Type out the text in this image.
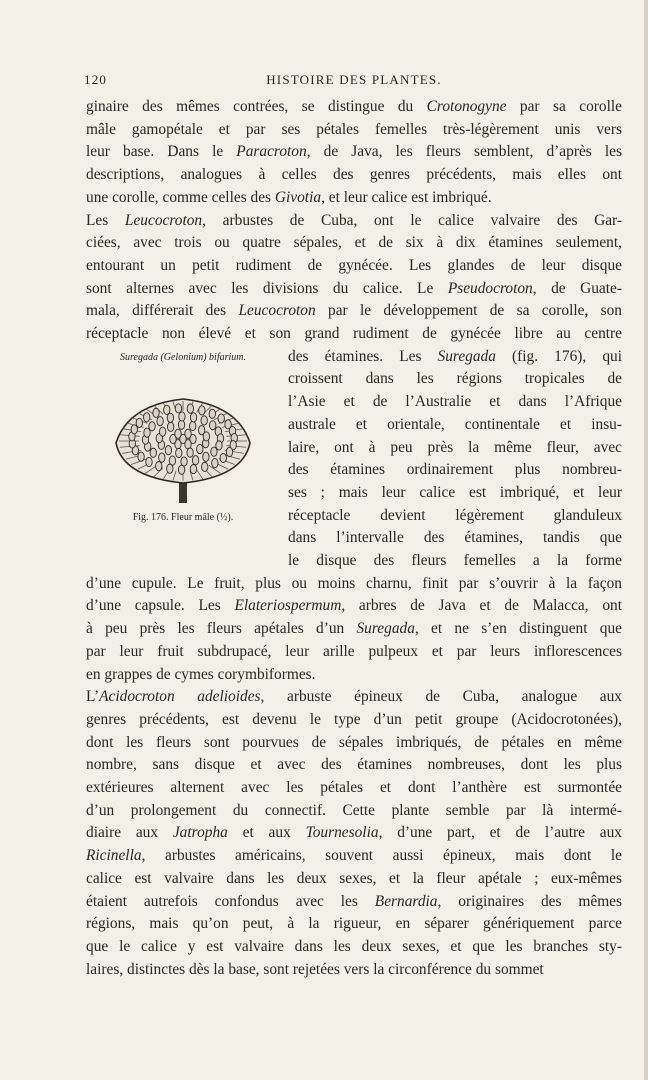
120	HISTOIRE DES PLANTES.
ginaire des mêmes contrées, se distingue du Crotonogyne par sa corolle
mâle gamopétale et par ses pétales femelles très-légèrement unis vers
leur base. Dans le Paracroton, de Java, les fleurs semblent, d’après les
descriptions, analogues à celles des genres précédents, mais elles ont
une corolle, comme celles des Givotia, et leur calice est imbriqué.
Les Leucocroton, arbustes de Cuba, ont le calice valvaire des Gar-
ciées, avec trois ou quatre sépales, et de six à dix étamines seulement,
entourant un petit rudiment de gynécée. Les glandes de leur disque
sont alternes avec les divisions du calice. Le Pseudocroton, de Guate-
mala, différerait des Leucocroton par le développement de sa corolle, son
réceptacle non élevé et son grand rudiment de gynécée libre au centre
des étamines. Les Suregada (fig. 176), qui
croissent dans les régions tropicales de
l’Asie et de l’Australie et dans l’Afrique
australe et orientale, continentale et insu-
laire, ont à peu près la même fleur, avec
des étamines ordinairement plus nombreu-
ses ; mais leur calice est imbriqué, et leur
réceptacle devient légèrement glanduleux
dans l’intervalle des étamines, tandis que
le disque des fleurs femelles a la forme
d’une cupule. Le fruit, plus ou moins charnu, finit par s’ouvrir à la façon
d’une capsule. Les Elateriospermum, arbres de Java et de Malacca, ont
à peu près les fleurs apétales d’un Suregada, et ne s’en distinguent que
par leur fruit subdrupacé, leur arille pulpeux et par leurs inflorescences
en grappes de cymes corymbiformes.
L’Acidocroton adelioides, arbuste épineux de Cuba, analogue aux
genres précédents, est devenu le type d’un petit groupe (Acidocrotonées),
dont les fleurs sont pourvues de sépales imbriqués, de pétales en même
nombre, sans disque et avec des étamines nombreuses, dont les plus
extérieures alternent avec les pétales et dont l’anthère est surmontée
d’un prolongement du connectif. Cette plante semble par là intermé-
diaire aux Jatropha et aux Tournesolia, d’une part, et de l’autre aux
Ricinella, arbustes américains, souvent aussi épineux, mais dont le
calice est valvaire dans les deux sexes, et la fleur apétale ; eux-mêmes
étaient autrefois confondus avec les Bernardia, originaires des mêmes
régions, mais qu’on peut, à la rigueur, en séparer génériquement parce
que le calice y est valvaire dans les deux sexes, et que les branches sty-
laires, distinctes dès la base, sont rejetées vers la circonférence du sommet
Suregada (Gelonium) bifarium.
Fig. 176. Fleur mâle (½).
